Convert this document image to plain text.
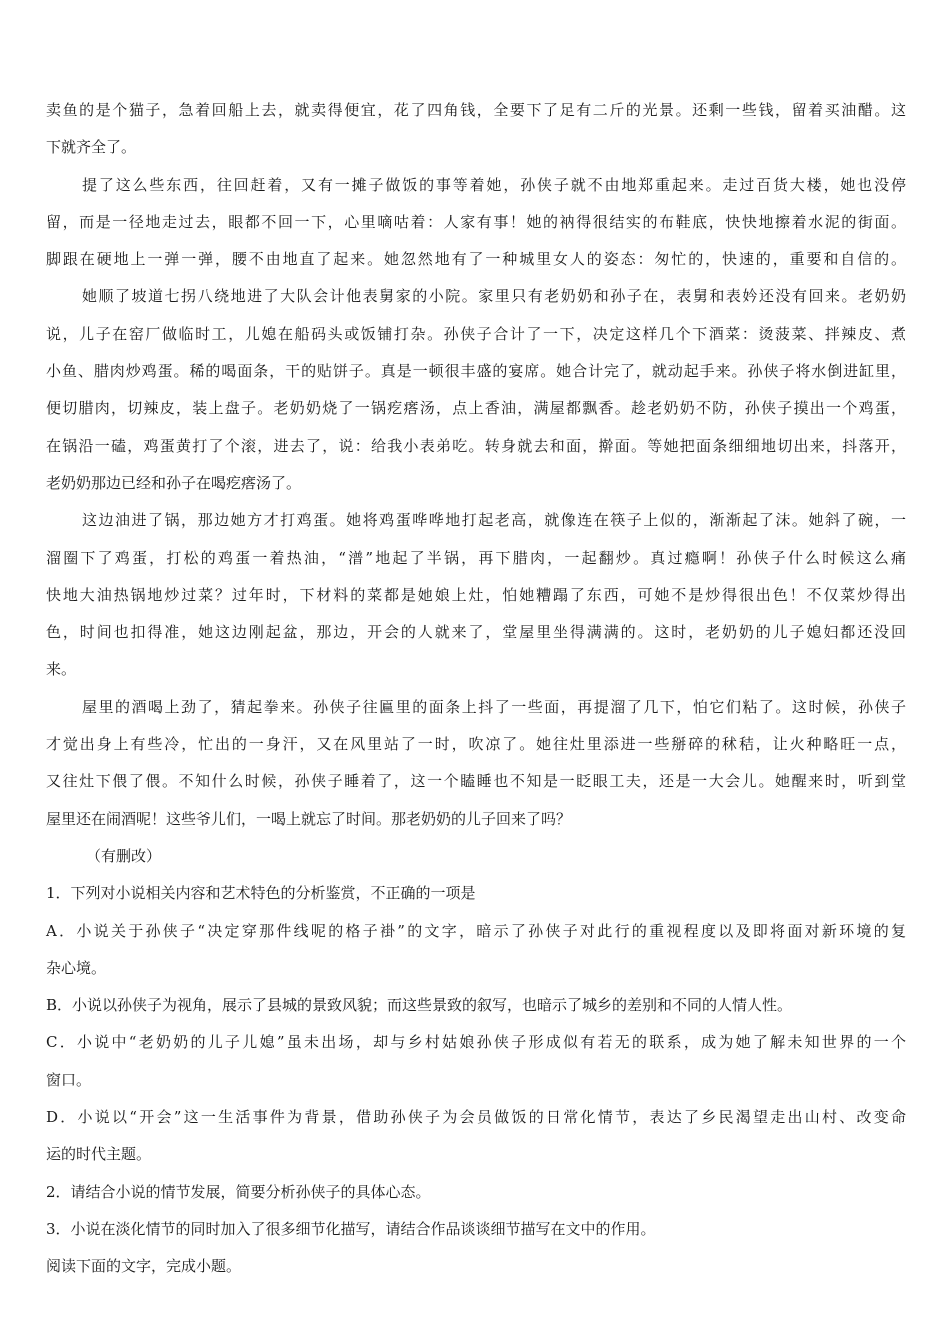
卖鱼的是个猫子，急着回船上去，就卖得便宜，花了四角钱，全要下了足有二斤的光景。还剩一些钱，留着买油醋。这
下就齐全了。
提了这么些东西，往回赶着，又有一摊子做饭的事等着她，孙侠子就不由地郑重起来。走过百货大楼，她也没停
留，而是一径地走过去，眼都不回一下，心里嘀咕着：人家有事！她的衲得很结实的布鞋底，快快地擦着水泥的街面。
脚跟在硬地上一弹一弹，腰不由地直了起来。她忽然地有了一种城里女人的姿态：匆忙的，快速的，重要和自信的。
她顺了坡道七拐八绕地进了大队会计他表舅家的小院。家里只有老奶奶和孙子在，表舅和表妗还没有回来。老奶奶
说，儿子在窑厂做临时工，儿媳在船码头或饭铺打杂。孙侠子合计了一下，决定这样几个下酒菜：烫菠菜、拌辣皮、煮
小鱼、腊肉炒鸡蛋。稀的喝面条，干的贴饼子。真是一顿很丰盛的宴席。她合计完了，就动起手来。孙侠子将水倒进缸里，
便切腊肉，切辣皮，装上盘子。老奶奶烧了一锅疙瘩汤，点上香油，满屋都飘香。趁老奶奶不防，孙侠子摸出一个鸡蛋，
在锅沿一磕，鸡蛋黄打了个滚，进去了，说：给我小表弟吃。转身就去和面，擀面。等她把面条细细地切出来，抖落开，
老奶奶那边已经和孙子在喝疙瘩汤了。
这边油进了锅，那边她方才打鸡蛋。她将鸡蛋哗哗地打起老高，就像连在筷子上似的，渐渐起了沫。她斜了碗，一
溜圈下了鸡蛋，打松的鸡蛋一着热油，“潽”地起了半锅，再下腊肉，一起翻炒。真过瘾啊！孙侠子什么时候这么痛
快地大油热锅地炒过菜？过年时，下材料的菜都是她娘上灶，怕她糟蹋了东西，可她不是炒得很出色！不仅菜炒得出
色，时间也扣得准，她这边刚起盆，那边，开会的人就来了，堂屋里坐得满满的。这时，老奶奶的儿子媳妇都还没回
来。
屋里的酒喝上劲了，猜起拳来。孙侠子往匾里的面条上抖了一些面，再提溜了几下，怕它们粘了。这时候，孙侠子
才觉出身上有些冷，忙出的一身汗，又在风里站了一时，吹凉了。她往灶里添进一些掰碎的秫秸，让火种略旺一点，
又往灶下偎了偎。不知什么时候，孙侠子睡着了，这一个瞌睡也不知是一眨眼工夫，还是一大会儿。她醒来时，听到堂
屋里还在闹酒呢！这些爷儿们，一喝上就忘了时间。那老奶奶的儿子回来了吗？
（有删改）
1．下列对小说相关内容和艺术特色的分析鉴赏，不正确的一项是
A．小说关于孙侠子“决定穿那件线呢的格子褂”的文字，暗示了孙侠子对此行的重视程度以及即将面对新环境的复
杂心境。
B．小说以孙侠子为视角，展示了县城的景致风貌；而这些景致的叙写，也暗示了城乡的差别和不同的人情人性。
C．小说中“老奶奶的儿子儿媳”虽未出场，却与乡村姑娘孙侠子形成似有若无的联系，成为她了解未知世界的一个
窗口。
D．小说以“开会”这一生活事件为背景，借助孙侠子为会员做饭的日常化情节，表达了乡民渴望走出山村、改变命
运的时代主题。
2．请结合小说的情节发展，简要分析孙侠子的具体心态。
3．小说在淡化情节的同时加入了很多细节化描写，请结合作品谈谈细节描写在文中的作用。
阅读下面的文字，完成小题。
